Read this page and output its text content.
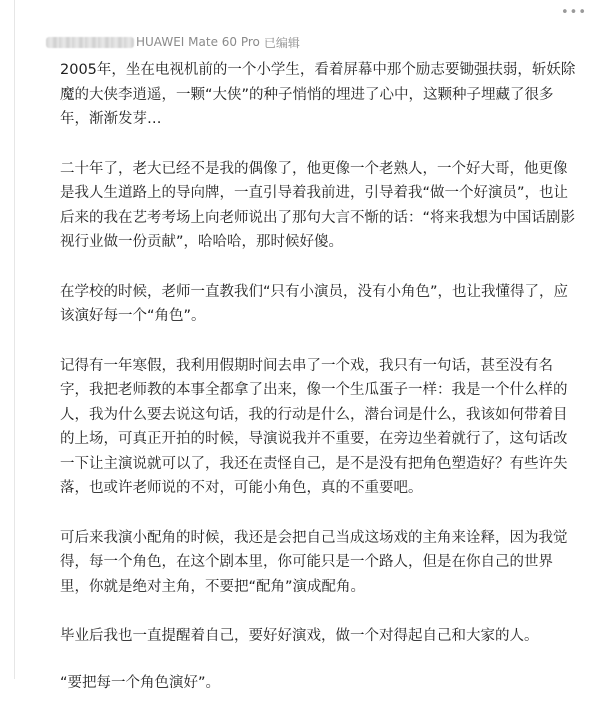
•••
HUAWEI Mate 60 Pro 已编辑

2005年，坐在电视机前的一个小学生，看着屏幕中那个励志要锄强扶弱，斩妖除魔的大侠李逍遥，一颗“大侠”的种子悄悄的埋进了心中，这颗种子埋藏了很多年，渐渐发芽…

二十年了，老大已经不是我的偶像了，他更像一个老熟人，一个好大哥，他更像是我人生道路上的导向牌，一直引导着我前进，引导着我“做一个好演员”，也让后来的我在艺考考场上向老师说出了那句大言不惭的话：“将来我想为中国话剧影视行业做一份贡献”，哈哈哈，那时候好傻。

在学校的时候，老师一直教我们“只有小演员，没有小角色”，也让我懂得了，应该演好每一个“角色”。

记得有一年寒假，我利用假期时间去串了一个戏，我只有一句话，甚至没有名字，我把老师教的本事全都拿了出来，像一个生瓜蛋子一样：我是一个什么样的人，我为什么要去说这句话，我的行动是什么，潜台词是什么，我该如何带着目的上场，可真正开拍的时候，导演说我并不重要，在旁边坐着就行了，这句话改一下让主演说就可以了，我还在责怪自己，是不是没有把角色塑造好？有些许失落，也或许老师说的不对，可能小角色，真的不重要吧。

可后来我演小配角的时候，我还是会把自己当成这场戏的主角来诠释，因为我觉得，每一个角色，在这个剧本里，你可能只是一个路人，但是在你自己的世界里，你就是绝对主角，不要把“配角”演成配角。

毕业后我也一直提醒着自己，要好好演戏，做一个对得起自己和大家的人。

“要把每一个角色演好”。
